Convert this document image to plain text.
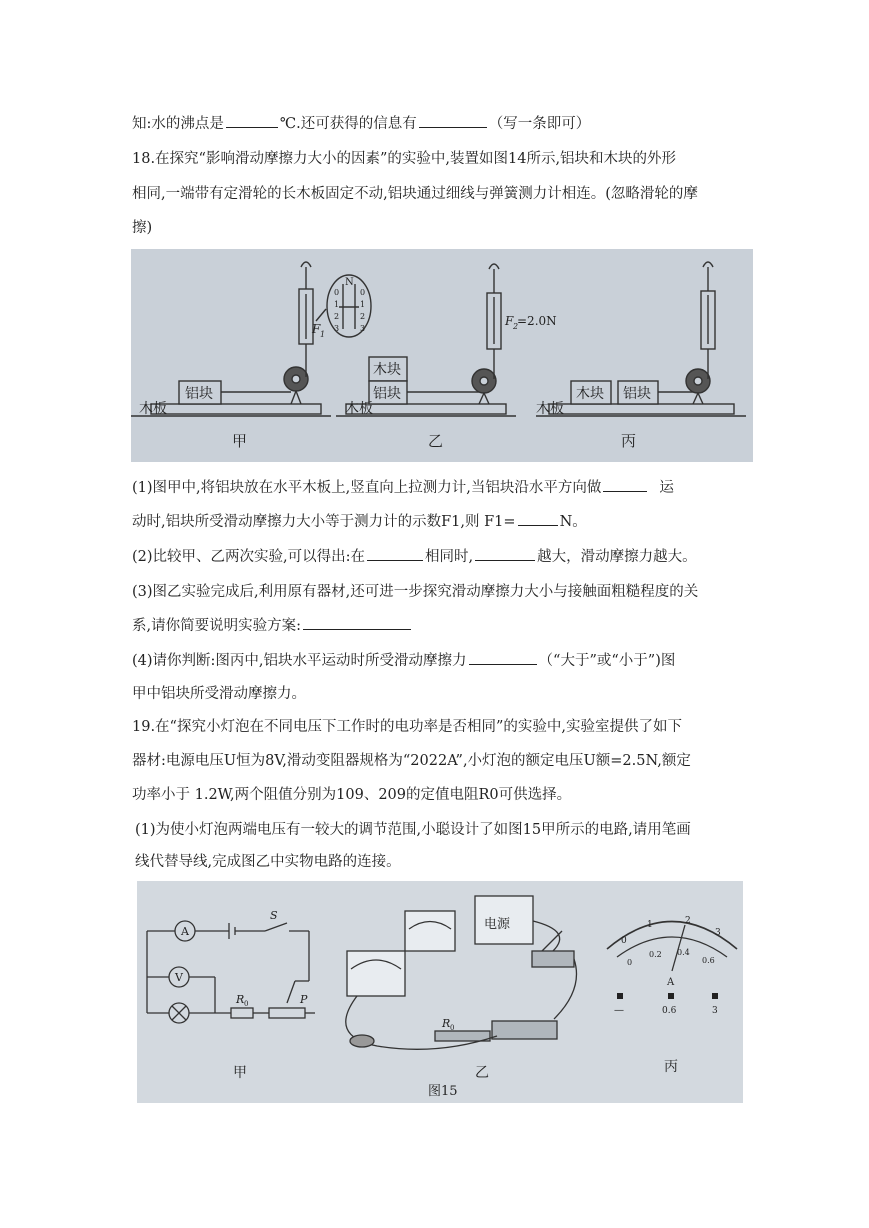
知:水的沸点是	℃.还可获得的信息有	（写一条即可）
18.在探究“影响滑动摩擦力大小的因素”的实验中,装置如图14所示,铝块和木块的外形
相同,一端带有定滑轮的长木板固定不动,铝块通过细线与弹簧测力计相连。(忽略滑轮的摩
擦)
木板
铝块
木板
木块
铝块
木板
木块 铝块
甲	乙	丙
F 1
F 2
=2.0N
N
0
1
2
3
0
1
2
3
(1)图甲中,将铝块放在水平木板上,竖直向上拉测力计,当铝块沿水平方向做	运
动时,铝块所受滑动摩擦力大小等于测力计的示数F1,则 F1=	N。
(2)比较甲、乙两次实验,可以得出:在	相同时,	越大，滑动摩擦力越大。
(3)图乙实验完成后,利用原有器材,还可进一步探究滑动摩擦力大小与接触面粗糙程度的关
系,请你简要说明实验方案:
(4)请你判断:图丙中,铝块水平运动时所受滑动摩擦力	（“大于”或“小于”)图
甲中铝块所受滑动摩擦力。
19.在“探究小灯泡在不同电压下工作时的电功率是否相同”的实验中,实验室提供了如下
器材:电源电压U恒为8V,滑动变阻器规格为“2022A”,小灯泡的额定电压U额=2.5N,额定
功率小于 1.2W,两个阻值分别为109、209的定值电阻R0可供选择。
(1)为使小灯泡两端电压有一较大的调节范围,小聪设计了如图15甲所示的电路,请用笔画
线代替导线,完成图乙中实物电路的连接。
A
V
S
R 0	P
电源
R 0
0
1	2
3
0
0.2 0.4
0.6
A
—	0.6	3
甲	乙	丙
图15
